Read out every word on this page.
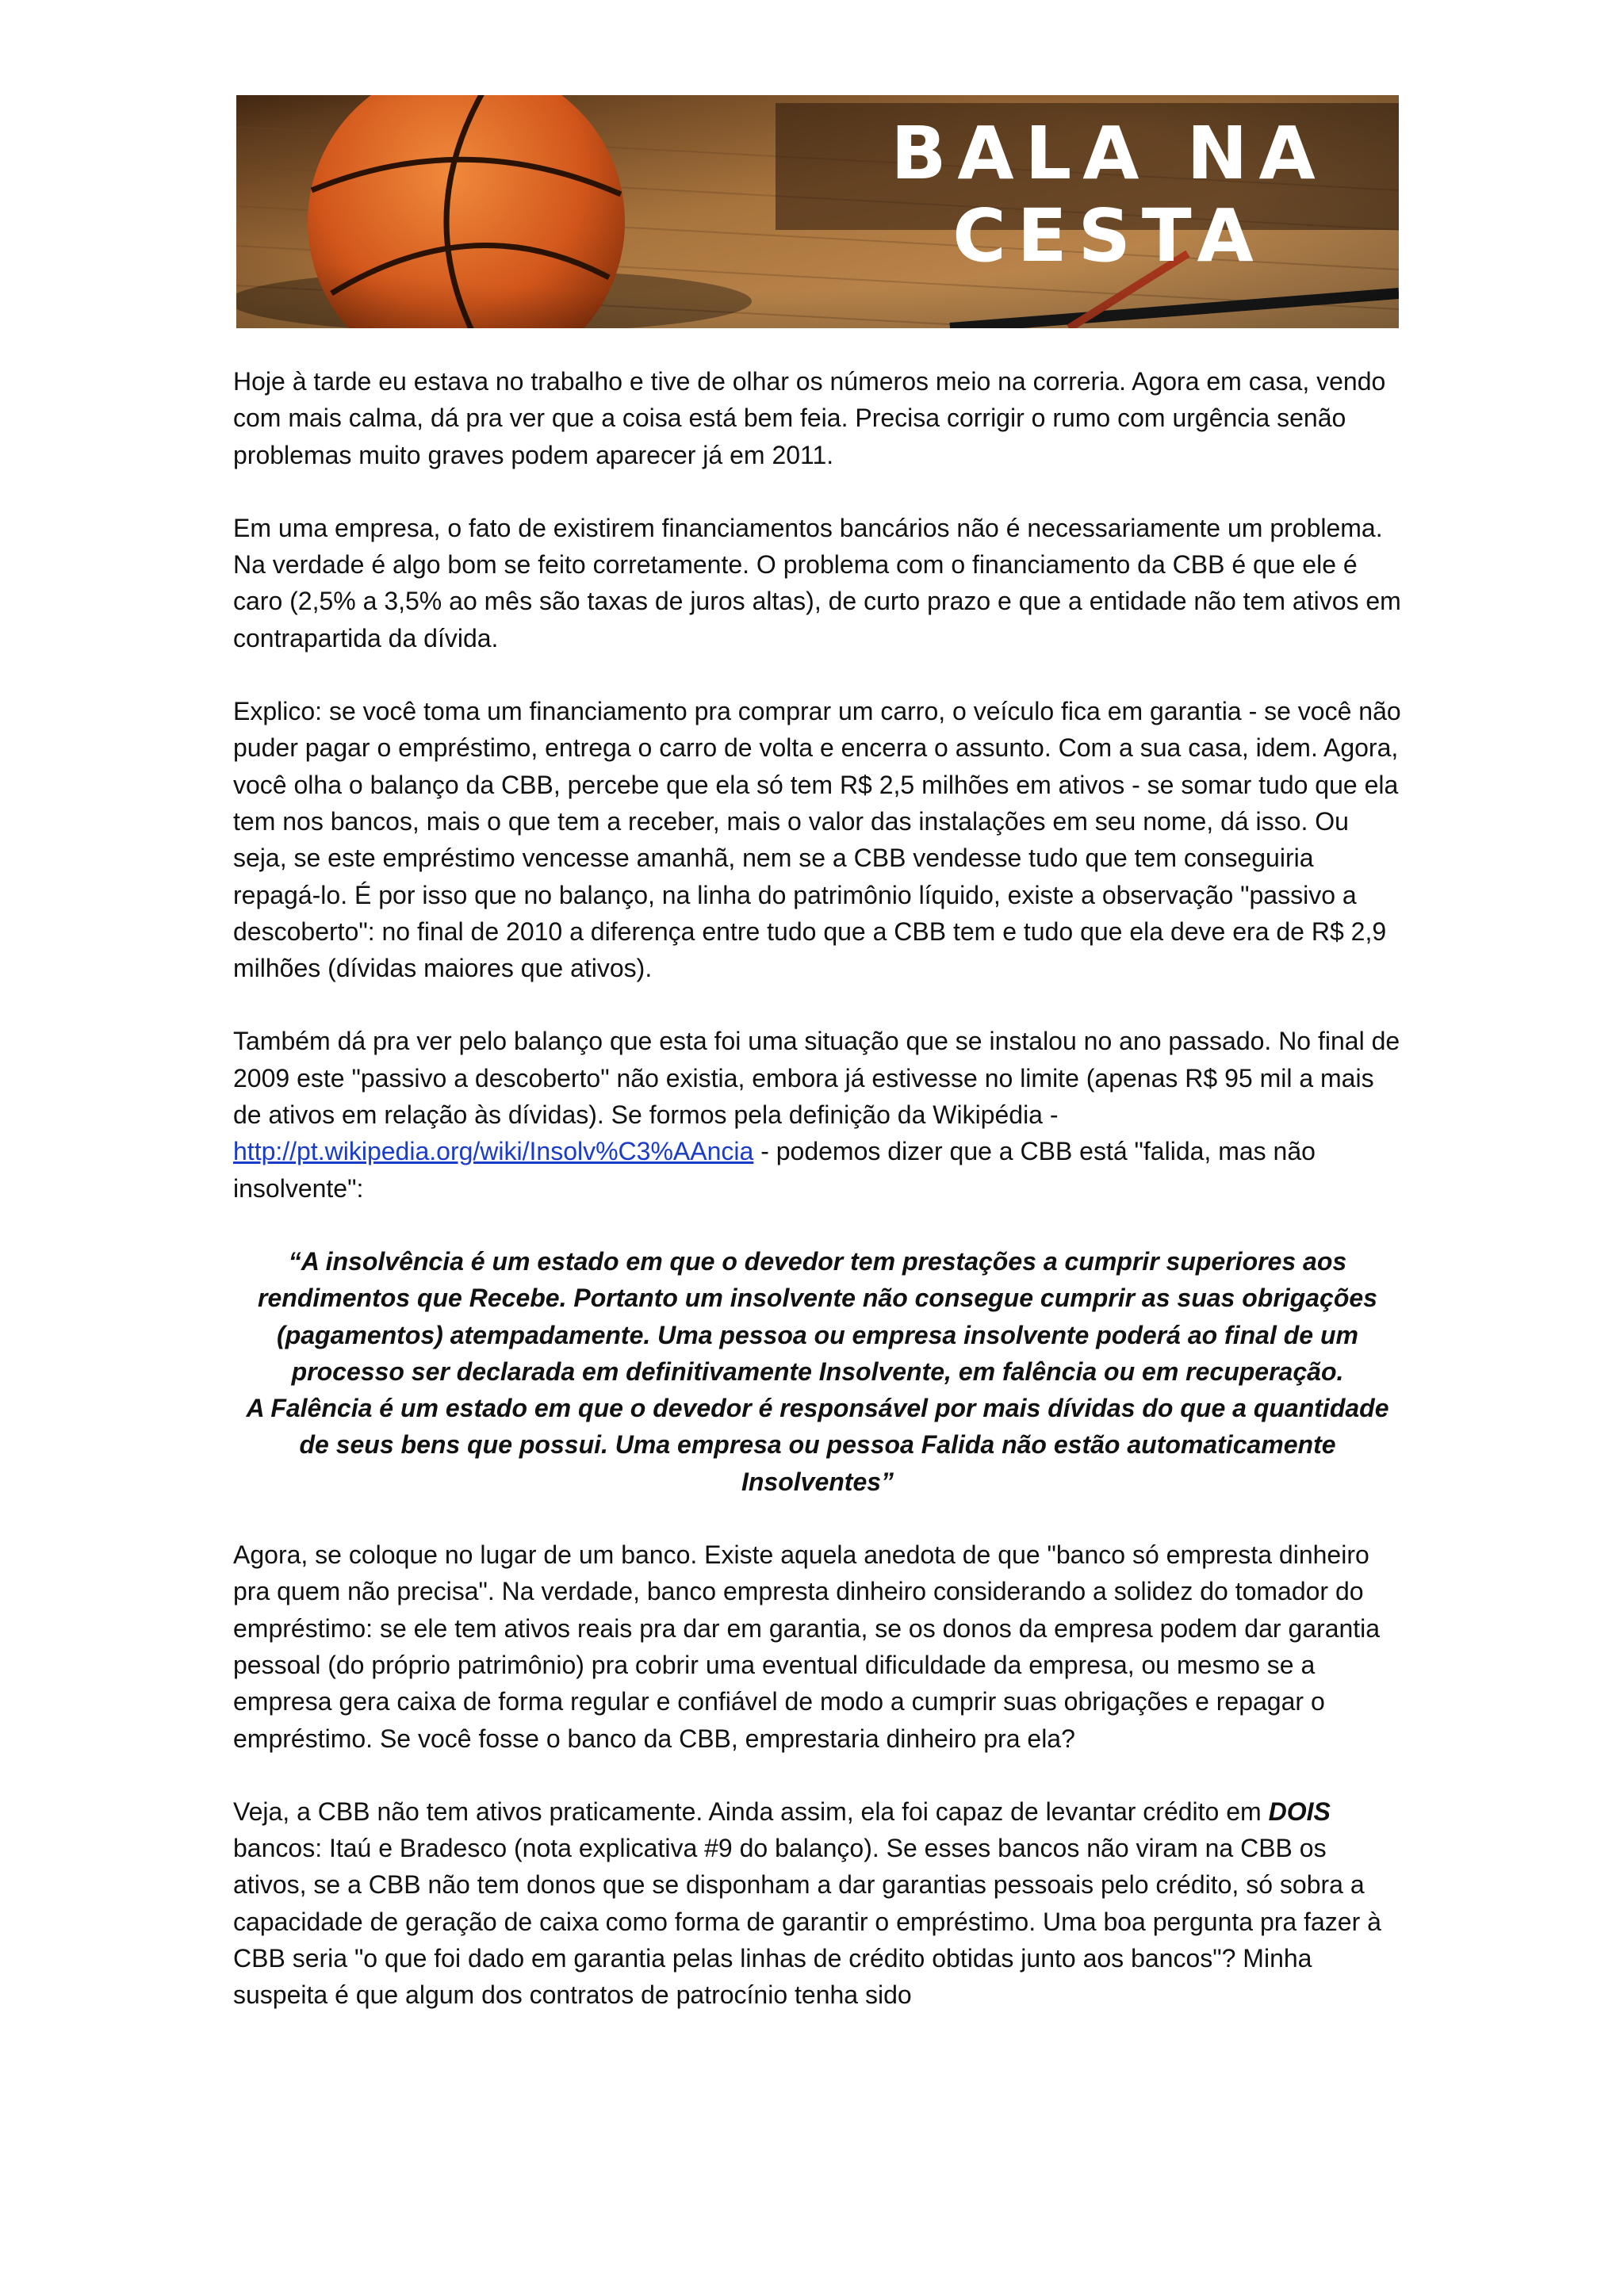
BALA NA
CESTA

Hoje à tarde eu estava no trabalho e tive de olhar os números meio na correria. Agora em casa, vendo com mais calma, dá pra ver que a coisa está bem feia. Precisa corrigir o rumo com urgência senão problemas muito graves podem aparecer já em 2011.

Em uma empresa, o fato de existirem financiamentos bancários não é necessariamente um problema. Na verdade é algo bom se feito corretamente. O problema com o financiamento da CBB é que ele é caro (2,5% a 3,5% ao mês são taxas de juros altas), de curto prazo e que a entidade não tem ativos em contrapartida da dívida.

Explico: se você toma um financiamento pra comprar um carro, o veículo fica em garantia - se você não puder pagar o empréstimo, entrega o carro de volta e encerra o assunto. Com a sua casa, idem. Agora, você olha o balanço da CBB, percebe que ela só tem R$ 2,5 milhões em ativos - se somar tudo que ela tem nos bancos, mais o que tem a receber, mais o valor das instalações em seu nome, dá isso. Ou seja, se este empréstimo vencesse amanhã, nem se a CBB vendesse tudo que tem conseguiria repagá-lo. É por isso que no balanço, na linha do patrimônio líquido, existe a observação "passivo a descoberto": no final de 2010 a diferença entre tudo que a CBB tem e tudo que ela deve era de R$ 2,9 milhões (dívidas maiores que ativos).

Também dá pra ver pelo balanço que esta foi uma situação que se instalou no ano passado. No final de 2009 este "passivo a descoberto" não existia, embora já estivesse no limite (apenas R$ 95 mil a mais de ativos em relação às dívidas). Se formos pela definição da Wikipédia - http://pt.wikipedia.org/wiki/Insolv%C3%AAncia - podemos dizer que a CBB está "falida, mas não insolvente":

“A insolvência é um estado em que o devedor tem prestações a cumprir superiores aos rendimentos que Recebe. Portanto um insolvente não consegue cumprir as suas obrigações (pagamentos) atempadamente. Uma pessoa ou empresa insolvente poderá ao final de um processo ser declarada em definitivamente Insolvente, em falência ou em recuperação.
A Falência é um estado em que o devedor é responsável por mais dívidas do que a quantidade de seus bens que possui. Uma empresa ou pessoa Falida não estão automaticamente Insolventes”

Agora, se coloque no lugar de um banco. Existe aquela anedota de que "banco só empresta dinheiro pra quem não precisa". Na verdade, banco empresta dinheiro considerando a solidez do tomador do empréstimo: se ele tem ativos reais pra dar em garantia, se os donos da empresa podem dar garantia pessoal (do próprio patrimônio) pra cobrir uma eventual dificuldade da empresa, ou mesmo se a empresa gera caixa de forma regular e confiável de modo a cumprir suas obrigações e repagar o empréstimo. Se você fosse o banco da CBB, emprestaria dinheiro pra ela?

Veja, a CBB não tem ativos praticamente. Ainda assim, ela foi capaz de levantar crédito em DOIS bancos: Itaú e Bradesco (nota explicativa #9 do balanço). Se esses bancos não viram na CBB os ativos, se a CBB não tem donos que se disponham a dar garantias pessoais pelo crédito, só sobra a capacidade de geração de caixa como forma de garantir o empréstimo. Uma boa pergunta pra fazer à CBB seria "o que foi dado em garantia pelas linhas de crédito obtidas junto aos bancos"? Minha suspeita é que algum dos contratos de patrocínio tenha sido
